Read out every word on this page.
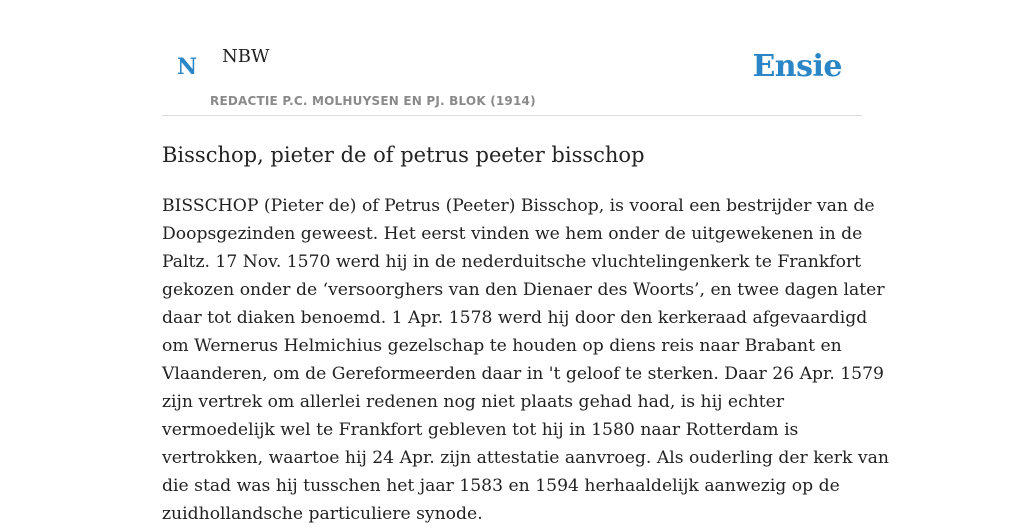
N NBW
REDACTIE P.C. MOLHUYSEN EN PJ. BLOK (1914)
Ensie
Bisschop, pieter de of petrus peeter bisschop

BISSCHOP (Pieter de) of Petrus (Peeter) Bisschop, is vooral een bestrijder van de
Doopsgezinden geweest. Het eerst vinden we hem onder de uitgewekenen in de
Paltz. 17 Nov. 1570 werd hij in de nederduitsche vluchtelingenkerk te Frankfort
gekozen onder de ‘versoorghers van den Dienaer des Woorts’, en twee dagen later
daar tot diaken benoemd. 1 Apr. 1578 werd hij door den kerkeraad afgevaardigd
om Wernerus Helmichius gezelschap te houden op diens reis naar Brabant en
Vlaanderen, om de Gereformeerden daar in 't geloof te sterken. Daar 26 Apr. 1579
zijn vertrek om allerlei redenen nog niet plaats gehad had, is hij echter
vermoedelijk wel te Frankfort gebleven tot hij in 1580 naar Rotterdam is
vertrokken, waartoe hij 24 Apr. zijn attestatie aanvroeg. Als ouderling der kerk van
die stad was hij tusschen het jaar 1583 en 1594 herhaaldelijk aanwezig op de
zuidhollandsche particuliere synode.
